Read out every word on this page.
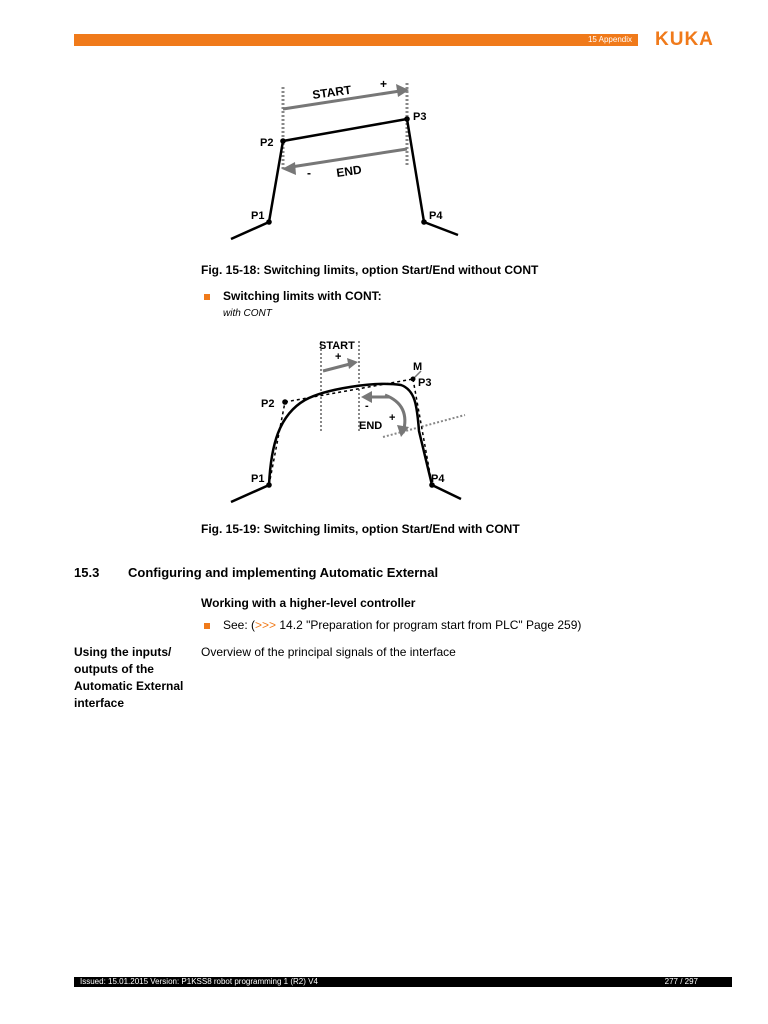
15 Appendix KUKA
START +
END
-
P1
P2
P3
P4
Fig. 15-18: Switching limits, option Start/End without CONT
Switching limits with CONT:
with CONT
START
+
END
-
+
M
P1
P2
P3
P4
Fig. 15-19: Switching limits, option Start/End with CONT
15.3 Configuring and implementing Automatic External
Working with a higher-level controller
See: (>>> 14.2 "Preparation for program start from PLC" Page 259)
Using the inputs/ outputs of the Automatic External interface
Overview of the principal signals of the interface
Issued: 15.01.2015 Version: P1KSS8 robot programming 1 (R2) V4	277 / 297
